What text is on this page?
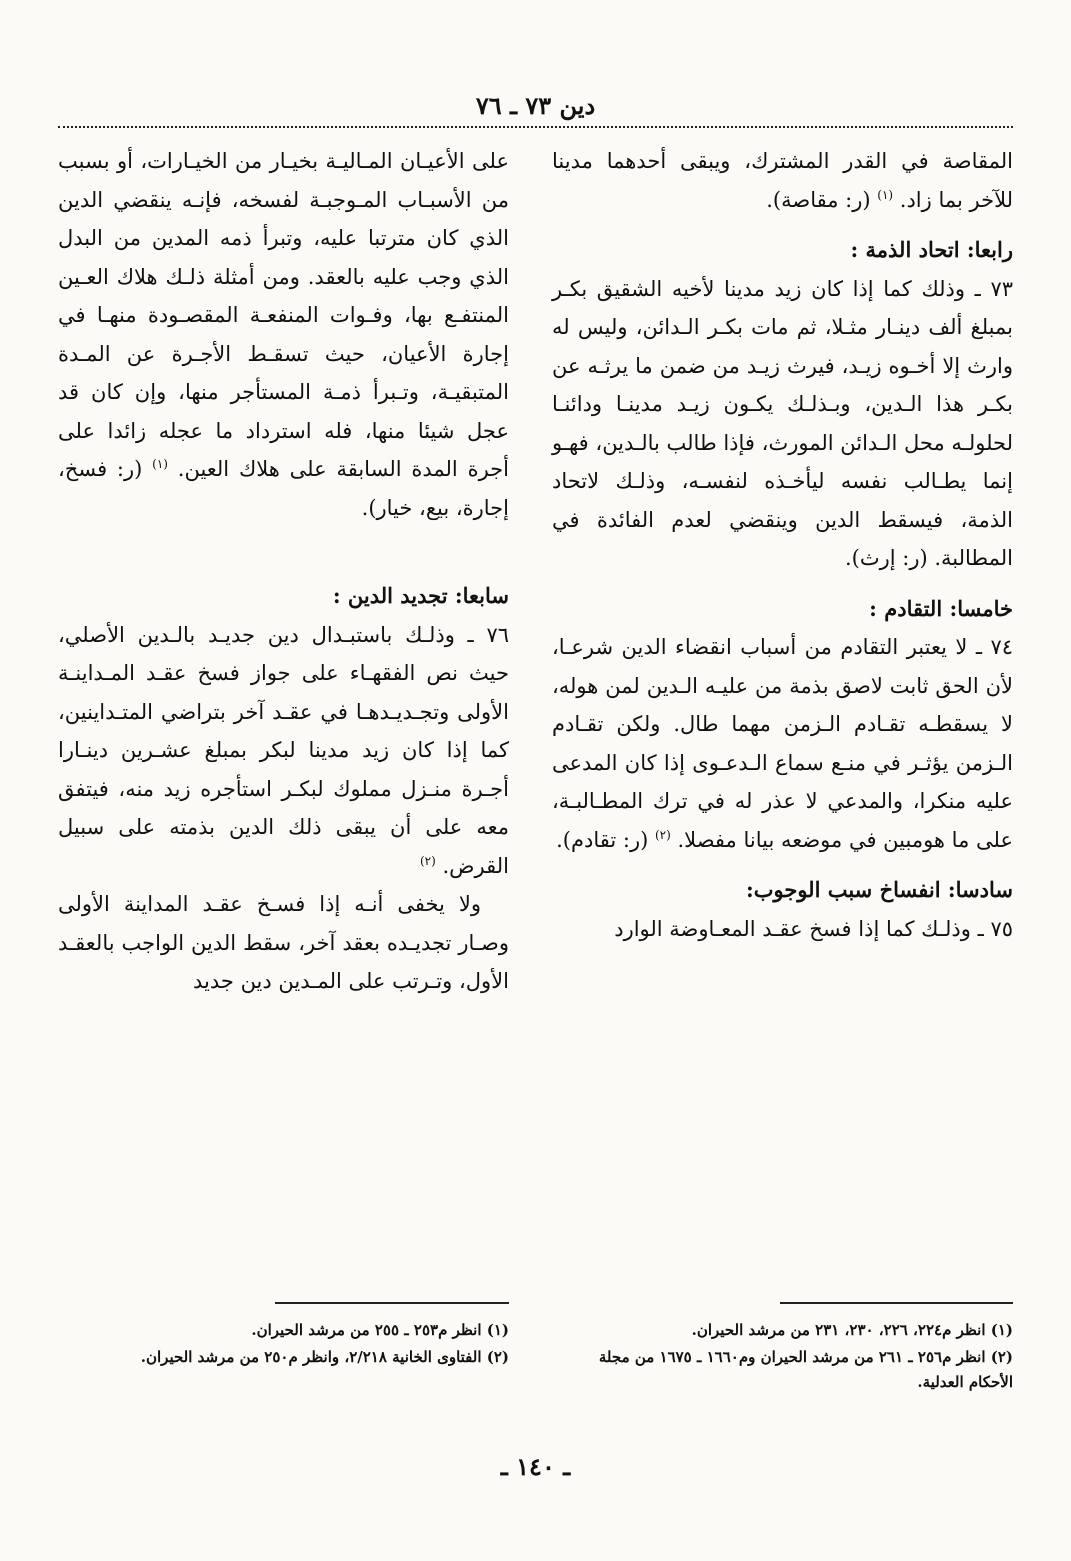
دين ٧٣ ـ ٧٦

المقاصة في القدر المشترك، ويبقى أحدهما مدينا للآخر بما زاد. $^{(١)}$ (ر: مقاصة).

رابعا: اتحاد الذمة :

٧٣ ـ وذلك كما إذا كان زيد مدينا لأخيه الشقيق بكـر بمبلغ ألف دينـار مثـلا، ثم مات بكـر الـدائن، وليس له وارث إلا أخـوه زيـد، فيرث زيـد من ضمن ما يرثـه عن بكـر هذا الـدين، وبـذلـك يكـون زيـد مدينـا ودائنـا لحلولـه محل الـدائن المورث، فإذا طالب بالـدين، فهـو إنما يطـالب نفسه ليأخـذه لنفسـه، وذلـك لاتحاد الذمة، فيسقط الدين وينقضي لعدم الفائدة في المطالبة. (ر: إرث).

خامسا: التقادم :

٧٤ ـ لا يعتبر التقادم من أسباب انقضاء الدين شرعـا، لأن الحق ثابت لاصق بذمة من عليـه الـدين لمن هوله، لا يسقطـه تقـادم الـزمن مهما طال. ولكن تقـادم الـزمن يؤثـر في منـع سماع الـدعـوى إذا كان المدعى عليه منكرا، والمدعي لا عذر له في ترك المطـالبـة، على ما هومبين في موضعه بيانا مفصلا. $^{(٢)}$ (ر: تقادم).

سادسا: انفساخ سبب الوجوب:

٧٥ ـ وذلـك كما إذا فسخ عقـد المعـاوضة الوارد

على الأعيـان المـاليـة بخيـار من الخيـارات، أو بسبب من الأسبـاب المـوجبـة لفسخه، فإنـه ينقضي الدين الذي كان مترتبا عليه، وتبرأ ذمه المدين من البدل الذي وجب عليه بالعقد. ومن أمثلة ذلـك هلاك العـين المنتفـع بها، وفـوات المنفعـة المقصـودة منهـا في إجارة الأعيان، حيث تسقـط الأجـرة عن المـدة المتبقيـة، وتـبرأ ذمـة المستأجر منها، وإن كان قد عجل شيئا منها، فله استرداد ما عجله زائدا على أجرة المدة السابقة على هلاك العين. $^{(١)}$ (ر: فسخ، إجارة، بيع، خيار).

سابعا: تجديد الدين :

٧٦ ـ وذلـك باستبـدال دين جديـد بالـدين الأصلي، حيث نص الفقهـاء على جواز فسخ عقـد المـداينـة الأولى وتجـديـدهـا في عقـد آخر بتراضي المتـداينين، كما إذا كان زيد مدينا لبكر بمبلغ عشـرين دينـارا أجـرة منـزل مملوك لبكـر استأجره زيد منه، فيتفق معه على أن يبقى ذلك الدين بذمته على سبيل القرض. $^{(٢)}$

ولا يخفى أنـه إذا فسـخ عقـد المداينة الأولى وصـار تجديـده بعقد آخر، سقط الدين الواجب بالعقـد الأول، وتـرتب على المـدين دين جديد

(١) انظر م٢٢٤، ٢٢٦، ٢٣٠، ٢٣١ من مرشد الحيران.

(٢) انظر م٢٥٦ ـ ٢٦١ من مرشد الحيران وم١٦٦٠ ـ ١٦٧٥ من مجلة الأحكام العدلية.

(١) انظر م٢٥٣ ـ ٢٥٥ من مرشد الحيران.

(٢) الفتاوى الخانية ٢/٢١٨، وانظر م٢٥٠ من مرشد الحيران.

ـ ١٤٠ ـ
